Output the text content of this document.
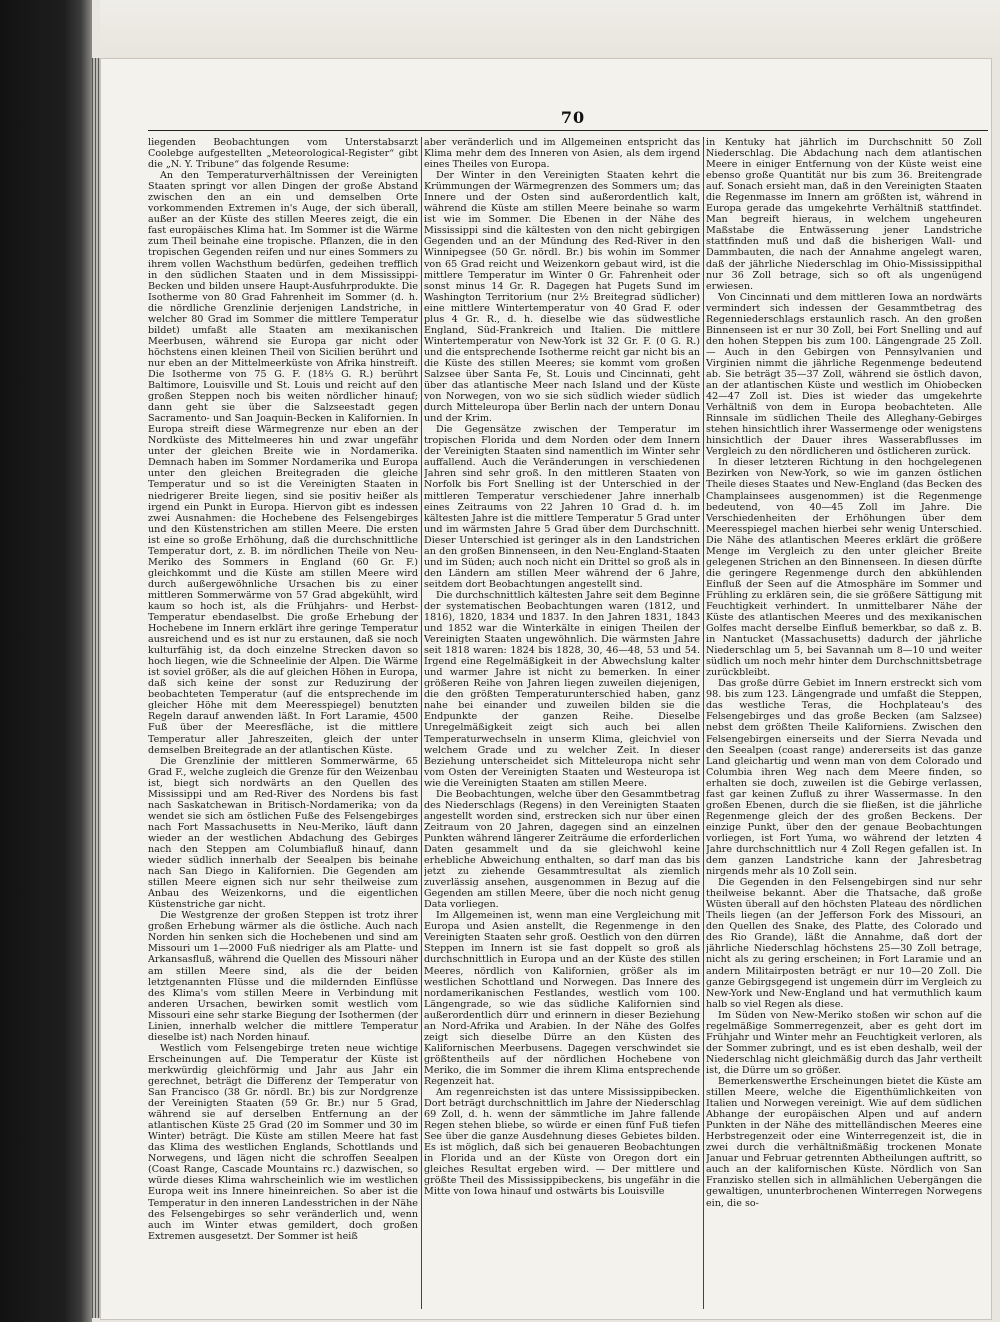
70

liegenden Beobachtungen vom Unterstabsarzt Coolebge aufgestellten „Meteorological-Register“ gibt die „N. Y. Tribune“ das folgende Resume:

An den Temperaturverhältnissen der Vereinigten Staaten springt vor allen Dingen der große Abstand zwischen den an ein und demselben Orte vorkommenden Extremen in's Auge, der sich überall, außer an der Küste des stillen Meeres zeigt, die ein fast europäisches Klima hat. Im Sommer ist die Wärme zum Theil beinahe eine tropische. Pflanzen, die in den tropischen Gegenden reifen und nur eines Sommers zu ihrem vollen Wachsthum bedürfen, gedeihen trefflich in den südlichen Staaten und in dem Mississippi-Becken und bilden unsere Haupt-Ausfuhrprodukte. Die Isotherme von 80 Grad Fahrenheit im Sommer (d. h. die nördliche Grenzlinie derjenigen Landstriche, in welcher 80 Grad im Sommer die mittlere Temperatur bildet) umfaßt alle Staaten am mexikanischen Meerbusen, während sie Europa gar nicht oder höchstens einen kleinen Theil von Sicilien berührt und nur eben an der Mittelmeerküste von Afrika hinstreift. Die Isotherme von 75 G. F. (18⅓ G. R.) berührt Baltimore, Louisville und St. Louis und reicht auf den großen Steppen noch bis weiten nördlicher hinauf; dann geht sie über die Salzseestadt gegen Sacramento- und San Joaquin-Becken in Kalifornien. In Europa streift diese Wärmegrenze nur eben an der Nordküste des Mittelmeeres hin und zwar ungefähr unter der gleichen Breite wie in Nordamerika. Demnach haben im Sommer Nordamerika und Europa unter den gleichen Breitegraden die gleiche Temperatur und so ist die Vereinigten Staaten in niedrigerer Breite liegen, sind sie positiv heißer als irgend ein Punkt in Europa. Hiervon gibt es indessen zwei Ausnahmen: die Hochebene des Felsengebirges und den Küstenstrichen am stillen Meere. Die ersten ist eine so große Erhöhung, daß die durchschnittliche Temperatur dort, z. B. im nördlichen Theile von Neu-Meriko des Sommers in England (60 Gr. F.) gleichkommt und die Küste am stillen Meere wird durch außergewöhnliche Ursachen bis zu einer mittleren Sommerwärme von 57 Grad abgekühlt, wird kaum so hoch ist, als die Frühjahrs- und Herbst-Temperatur ebendaselbst. Die große Erhebung der Hochebene im Innern erklärt ihre geringe Temperatur ausreichend und es ist nur zu erstaunen, daß sie noch kulturfähig ist, da doch einzelne Strecken davon so hoch liegen, wie die Schneelinie der Alpen. Die Wärme ist soviel größer, als die auf gleichen Höhen in Europa, daß sich keine der sonst zur Reduzirung der beobachteten Temperatur (auf die entsprechende im gleicher Höhe mit dem Meeresspiegel) benutzten Regeln darauf anwenden läßt. In Fort Laramie, 4500 Fuß über der Meeresfläche, ist die mittlere Temperatur aller Jahreszeiten, gleich der unter demselben Breitegrade an der atlantischen Küste.

Die Grenzlinie der mittleren Sommerwärme, 65 Grad F., welche zugleich die Grenze für den Weizenbau ist, biegt sich nordwärts an den Quellen des Mississippi und am Red-River des Nordens bis fast nach Saskatchewan in Britisch-Nordamerika; von da wendet sie sich am östlichen Fuße des Felsengebirges nach Fort Massachusetts in Neu-Meriko, läuft dann wieder an der westlichen Abdachung des Gebirges nach den Steppen am Columbiafluß hinauf, dann wieder südlich innerhalb der Seealpen bis beinahe nach San Diego in Kalifornien. Die Gegenden am stillen Meere eignen sich nur sehr theilweise zum Anbau des Weizenkorns, und die eigentlichen Küstenstriche gar nicht.

Die Westgrenze der großen Steppen ist trotz ihrer großen Erhebung wärmer als die östliche. Auch nach Norden hin senken sich die Hochebenen und sind am Missouri um 1—2000 Fuß niedriger als am Platte- und Arkansasfluß, während die Quellen des Missouri näher am stillen Meere sind, als die der beiden letztgenannten Flüsse und die mildernden Einflüsse des Klima's vom stillen Meere in Verbindung mit anderen Ursachen, bewirken somit westlich vom Missouri eine sehr starke Biegung der Isothermen (der Linien, innerhalb welcher die mittlere Temperatur dieselbe ist) nach Norden hinauf.

Westlich vom Felsengebirge treten neue wichtige Erscheinungen auf. Die Temperatur der Küste ist merkwürdig gleichförmig und Jahr aus Jahr ein gerechnet, beträgt die Differenz der Temperatur von San Francisco (38 Gr. nördl. Br.) bis zur Nordgrenze der Vereinigten Staaten (59 Gr. Br.) nur 5 Grad, während sie auf derselben Entfernung an der atlantischen Küste 25 Grad (20 im Sommer und 30 im Winter) beträgt. Die Küste am stillen Meere hat fast das Klima des westlichen Englands, Schottlands und Norwegens, und lägen nicht die schroffen Seealpen (Coast Range, Cascade Mountains rc.) dazwischen, so würde dieses Klima wahrscheinlich wie im westlichen Europa weit ins Innere hineinreichen. So aber ist die Temperatur in den inneren Landesstrichen in der Nähe des Felsengebirges so sehr veränderlich und, wenn auch im Winter etwas gemildert, doch großen Extremen ausgesetzt. Der Sommer ist heiß

aber veränderlich und im Allgemeinen entspricht das Klima mehr dem des Inneren von Asien, als dem irgend eines Theiles von Europa.

Der Winter in den Vereinigten Staaten kehrt die Krümmungen der Wärmegrenzen des Sommers um; das Innere und der Osten sind außerordentlich kalt, während die Küste am stillen Meere beinahe so warm ist wie im Sommer. Die Ebenen in der Nähe des Mississippi sind die kältesten von den nicht gebirgigen Gegenden und an der Mündung des Red-River in den Winnipegsee (50 Gr. nördl. Br.) bis wohin im Sommer von 65 Grad reicht und Weizenkorn gebaut wird, ist die mittlere Temperatur im Winter 0 Gr. Fahrenheit oder sonst minus 14 Gr. R. Dagegen hat Pugets Sund im Washington Territorium (nur 2½ Breitegrad südlicher) eine mittlere Wintertemperatur von 40 Grad F. oder plus 4 Gr. R., d. h. dieselbe wie das südwestliche England, Süd-Frankreich und Italien. Die mittlere Wintertemperatur von New-York ist 32 Gr. F. (0 G. R.) und die entsprechende Isotherme reicht gar nicht bis an die Küste des stillen Meeres; sie kommt vom großen Salzsee über Santa Fe, St. Louis und Cincinnati, geht über das atlantische Meer nach Island und der Küste von Norwegen, von wo sie sich südlich wieder südlich durch Mitteleuropa über Berlin nach der untern Donau und der Krim.

Die Gegensätze zwischen der Temperatur im tropischen Florida und dem Norden oder dem Innern der Vereinigten Staaten sind namentlich im Winter sehr auffallend. Auch die Veränderungen in verschiedenen Jahren sind sehr groß. In den mittleren Staaten von Norfolk bis Fort Snelling ist der Unterschied in der mittleren Temperatur verschiedener Jahre innerhalb eines Zeitraums von 22 Jahren 10 Grad d. h. im kältesten Jahre ist die mittlere Temperatur 5 Grad unter und im wärmsten Jahre 5 Grad über dem Durchschnitt. Dieser Unterschied ist geringer als in den Landstrichen an den großen Binnenseen, in den Neu-England-Staaten und im Süden; auch noch nicht ein Drittel so groß als in den Ländern am stillen Meer während der 6 Jahre, seitdem dort Beobachtungen angestellt sind.

Die durchschnittlich kältesten Jahre seit dem Beginne der systematischen Beobachtungen waren (1812, und 1816), 1820, 1834 und 1837. In den Jahren 1831, 1843 und 1852 war die Winterkälte in einigen Theilen der Vereinigten Staaten ungewöhnlich. Die wärmsten Jahre seit 1818 waren: 1824 bis 1828, 30, 46—48, 53 und 54. Irgend eine Regelmäßigkeit in der Abwechslung kalter und warmer Jahre ist nicht zu bemerken. In einer größeren Reihe von Jahren liegen zuweilen diejenigen, die den größten Temperaturunterschied haben, ganz nahe bei einander und zuweilen bilden sie die Endpunkte der ganzen Reihe. Dieselbe Unregelmäßigkeit zeigt sich auch bei allen Temperaturwechseln in unserm Klima, gleichviel von welchem Grade und zu welcher Zeit. In dieser Beziehung unterscheidet sich Mitteleuropa nicht sehr vom Osten der Vereinigten Staaten und Westeuropa ist wie die Vereinigten Staaten am stillen Meere.

Die Beobachtungen, welche über den Gesammtbetrag des Niederschlags (Regens) in den Vereinigten Staaten angestellt worden sind, erstrecken sich nur über einen Zeitraum von 20 Jahren, dagegen sind an einzelnen Punkten während längerer Zeiträume die erforderlichen Daten gesammelt und da sie gleichwohl keine erhebliche Abweichung enthalten, so darf man das bis jetzt zu ziehende Gesammtresultat als ziemlich zuverlässig ansehen, ausgenommen in Bezug auf die Gegenden am stillen Meere, über die noch nicht genug Data vorliegen.

Im Allgemeinen ist, wenn man eine Vergleichung mit Europa und Asien anstellt, die Regenmenge in den Vereinigten Staaten sehr groß. Oestlich von den dürren Steppen im Innern ist sie fast doppelt so groß als durchschnittlich in Europa und an der Küste des stillen Meeres, nördlich von Kalifornien, größer als im westlichen Schottland und Norwegen. Das Innere des nordamerikanischen Festlandes, westlich vom 100. Längengrade, so wie das südliche Kalifornien sind außerordentlich dürr und erinnern in dieser Beziehung an Nord-Afrika und Arabien. In der Nähe des Golfes zeigt sich dieselbe Dürre an den Küsten des Kalifornischen Meerbusens. Dagegen verschwindet sie größtentheils auf der nördlichen Hochebene von Meriko, die im Sommer die ihrem Klima entsprechende Regenzeit hat.

Am regenreichsten ist das untere Mississippibecken. Dort beträgt durchschnittlich im Jahre der Niederschlag 69 Zoll, d. h. wenn der sämmtliche im Jahre fallende Regen stehen bliebe, so würde er einen fünf Fuß tiefen See über die ganze Ausdehnung dieses Gebietes bilden. Es ist möglich, daß sich bei genaueren Beobachtungen in Florida und an der Küste von Oregon dort ein gleiches Resultat ergeben wird. — Der mittlere und größte Theil des Mississippibeckens, bis ungefähr in die Mitte von Iowa hinauf und ostwärts bis Louisville

in Kentuky hat jährlich im Durchschnitt 50 Zoll Niederschlag. Die Abdachung nach dem atlantischen Meere in einiger Entfernung von der Küste weist eine ebenso große Quantität nur bis zum 36. Breitengrade auf. Sonach ersieht man, daß in den Vereinigten Staaten die Regenmasse im Innern am größten ist, während in Europa gerade das umgekehrte Verhältniß stattfindet. Man begreift hieraus, in welchem ungeheuren Maßstabe die Entwässerung jener Landstriche stattfinden muß und daß die bisherigen Wall- und Dammbauten, die nach der Annahme angelegt waren, daß der jährliche Niederschlag im Ohio-Mississippithal nur 36 Zoll betrage, sich so oft als ungenügend erwiesen.

Von Cincinnati und dem mittleren Iowa an nordwärts vermindert sich indessen der Gesammtbetrag des Regenniederschlags erstaunlich rasch. An den großen Binnenseen ist er nur 30 Zoll, bei Fort Snelling und auf den hohen Steppen bis zum 100. Längengrade 25 Zoll. — Auch in den Gebirgen von Pennsylvanien und Virginien nimmt die jährliche Regenmenge bedeutend ab. Sie beträgt 35—37 Zoll, während sie östlich davon, an der atlantischen Küste und westlich im Ohiobecken 42—47 Zoll ist. Dies ist wieder das umgekehrte Verhältniß von dem in Europa beobachteten. Alle Rinnsale im südlichen Theile des Alleghany-Gebirges stehen hinsichtlich ihrer Wassermenge oder wenigstens hinsichtlich der Dauer ihres Wasserabflusses im Vergleich zu den nördlicheren und östlicheren zurück.

In dieser letzteren Richtung in den hochgelegenen Bezirken von New-York, so wie im ganzen östlichen Theile dieses Staates und New-England (das Becken des Champlainsees ausgenommen) ist die Regenmenge bedeutend, von 40—45 Zoll im Jahre. Die Verschiedenheiten der Erhöhungen über dem Meeresspiegel machen hierbei sehr wenig Unterschied. Die Nähe des atlantischen Meeres erklärt die größere Menge im Vergleich zu den unter gleicher Breite gelegenen Strichen an den Binnenseen. In diesen dürfte die geringere Regenmenge durch den abkühlenden Einfluß der Seen auf die Atmosphäre im Sommer und Frühling zu erklären sein, die sie größere Sättigung mit Feuchtigkeit verhindert. In unmittelbarer Nähe der Küste des atlantischen Meeres und des mexikanischen Golfes macht derselbe Einfluß bemerkbar, so daß z. B. in Nantucket (Massachusetts) dadurch der jährliche Niederschlag um 5, bei Savannah um 8—10 und weiter südlich um noch mehr hinter dem Durchschnittsbetrage zurückbleibt.

Das große dürre Gebiet im Innern erstreckt sich vom 98. bis zum 123. Längengrade und umfaßt die Steppen, das westliche Teras, die Hochplateau's des Felsengebirges und das große Becken (am Salzsee) nebst dem größten Theile Kaliforniens. Zwischen den Felsengebirgen einerseits und der Sierra Nevada und den Seealpen (coast range) andererseits ist das ganze Land gleichartig und wenn man von dem Colorado und Columbia ihren Weg nach dem Meere finden, so erhalten sie doch, zuweilen ist die Gebirge verlassen, fast gar keinen Zufluß zu ihrer Wassermasse. In den großen Ebenen, durch die sie fließen, ist die jährliche Regenmenge gleich der des großen Beckens. Der einzige Punkt, über den der genaue Beobachtungen vorliegen, ist Fort Yuma, wo während der letzten 4 Jahre durchschnittlich nur 4 Zoll Regen gefallen ist. In dem ganzen Landstriche kann der Jahresbetrag nirgends mehr als 10 Zoll sein.

Die Gegenden in den Felsengebirgen sind nur sehr theilweise bekannt. Aber die Thatsache, daß große Wüsten überall auf den höchsten Plateau des nördlichen Theils liegen (an der Jefferson Fork des Missouri, an den Quellen des Snake, des Platte, des Colorado und des Rio Grande), läßt die Annahme, daß dort der jährliche Niederschlag höchstens 25—30 Zoll betrage, nicht als zu gering erscheinen; in Fort Laramie und an andern Militairposten beträgt er nur 10—20 Zoll. Die ganze Gebirgsgegend ist ungemein dürr im Vergleich zu New-York und New-England und hat vermuthlich kaum halb so viel Regen als diese.

Im Süden von New-Meriko stoßen wir schon auf die regelmäßige Sommerregenzeit, aber es geht dort im Frühjahr und Winter mehr an Feuchtigkeit verloren, als der Sommer zubringt, und es ist eben deshalb, weil der Niederschlag nicht gleichmäßig durch das Jahr vertheilt ist, die Dürre um so größer.

Bemerkenswerthe Erscheinungen bietet die Küste am stillen Meere, welche die Eigenthümlichkeiten von Italien und Norwegen vereinigt. Wie auf dem südlichen Abhange der europäischen Alpen und auf andern Punkten in der Nähe des mittelländischen Meeres eine Herbstregenzeit oder eine Winterregenzeit ist, die in zwei durch die verhältnißmäßig trockenen Monate Januar und Februar getrennten Abtheilungen auftritt, so auch an der kalifornischen Küste. Nördlich von San Franzisko stellen sich in allmählichen Uebergängen die gewaltigen, ununterbrochenen Winterregen Norwegens ein, die so-
